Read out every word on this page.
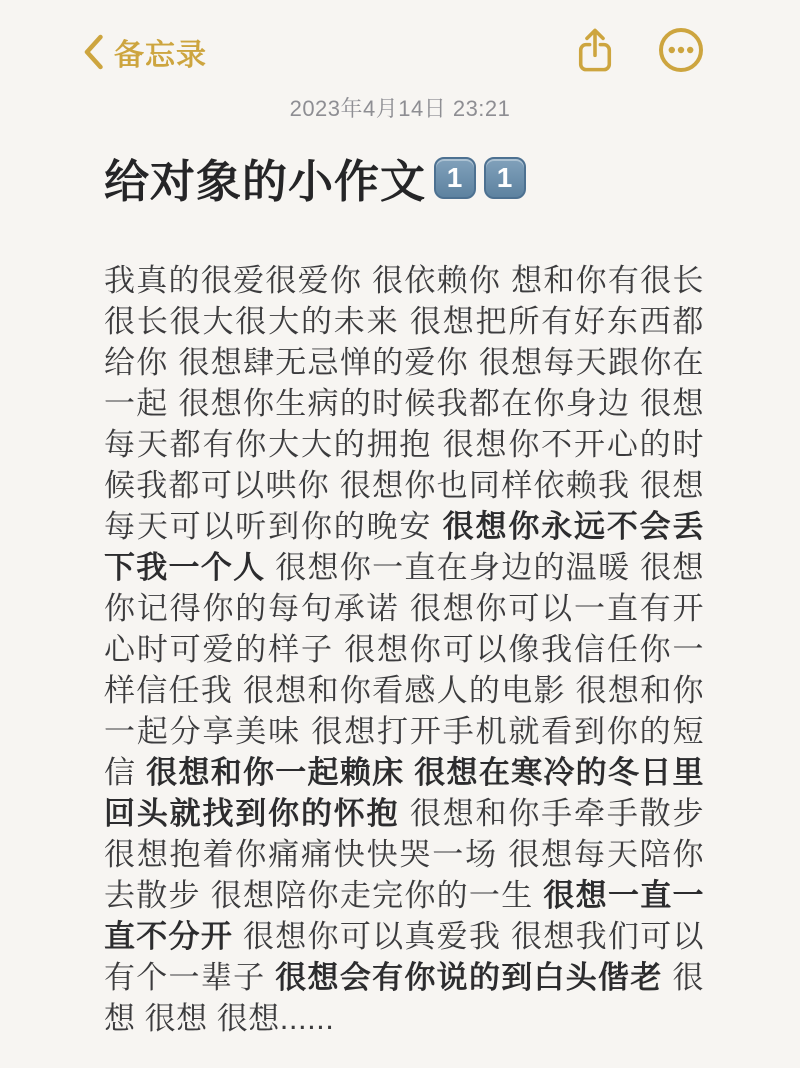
备忘录
2023年4月14日 23:21
给对象的小作文 1	1
我真的很爱很爱你 很依赖你 想和你有很长很长很大很大的未来 很想把所有好东西都给你 很想肆无忌惮的爱你 很想每天跟你在一起 很想你生病的时候我都在你身边 很想每天都有你大大的拥抱 很想你不开心的时候我都可以哄你 很想你也同样依赖我 很想每天可以听到你的晚安 很想你永远不会丢下我一个人 很想你一直在身边的温暖 很想你记得你的每句承诺 很想你可以一直有开心时可爱的样子 很想你可以像我信任你一样信任我 很想和你看感人的电影 很想和你一起分享美味 很想打开手机就看到你的短信 很想和你一起赖床 很想在寒冷的冬日里回头就找到你的怀抱 很想和你手牵手散步 很想抱着你痛痛快快哭一场 很想每天陪你去散步 很想陪你走完你的一生 很想一直一直不分开 很想你可以真爱我 很想我们可以有个一辈子 很想会有你说的到白头偕老 很想 很想 很想......
